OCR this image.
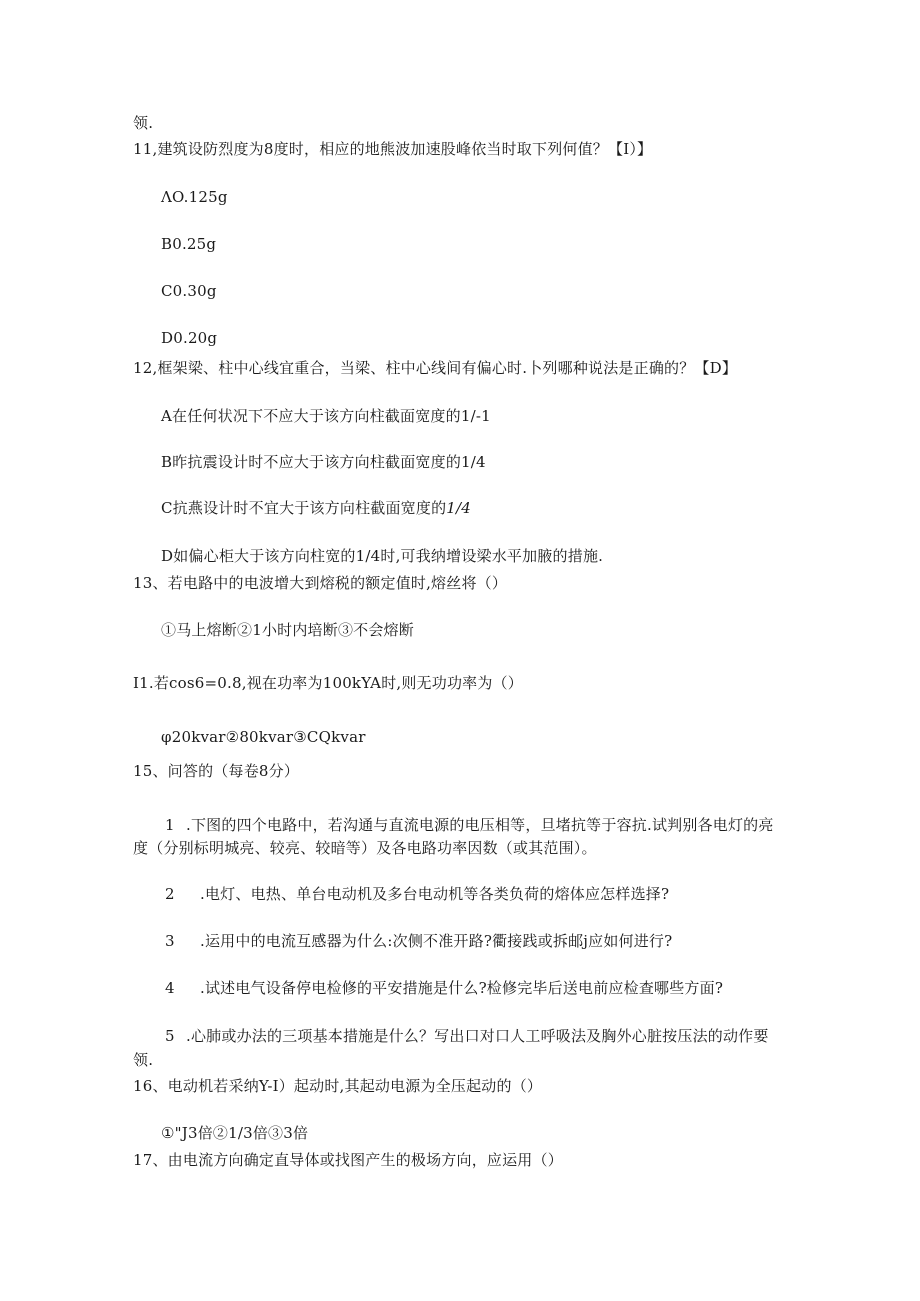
领.
11,建筑设防烈度为8度时，相应的地熊波加速股峰依当时取下列何值？【I）】
ΛO.125g
B0.25g
C0.30g
D0.20g
12,框架梁、柱中心线宜重合，当梁、柱中心线间有偏心时.卜列哪种说法是正确的？【D】
A在任何状况下不应大于该方向柱截面宽度的1/-1
B昨抗震设计时不应大于该方向柱截面宽度的1/4
C抗燕设计时不宜大于该方向柱截面宽度的1/4
D如偏心柜大于该方向柱宽的1/4时,可我纳增设梁水平加腋的措施.
13、若电路中的电波增大到熔税的额定值时,熔丝将（）
①马上熔断②1小时内培断③不会熔断
I1.若cos6=0.8,视在功率为100kYA时,则无功功率为（）
φ20kvar②80kvar③CQkvar
15、问答的（每卷8分）
1 .下图的四个电路中，若沟通与直流电源的电压相等，旦堵抗等于容抗.试判别各电灯的亮
度（分别标明城亮、较亮、较暗等）及各电路功率因数（或其范围）。
2 .电灯、电热、单台电动机及多台电动机等各类负荷的熔体应怎样选择?
3 .运用中的电流互感器为什么:次侧不准开路?衢接践或拆邮j应如何进行?
4 .试述电气设备停电检修的平安措施是什么?检修完毕后送电前应检查哪些方面?
5 .心肺或办法的三项基本措施是什么？写出口对口人工呼吸法及胸外心脏按压法的动作要
领.
16、电动机若采纳Y-I）起动时,其起动电源为全压起动的（）
①"J3倍②1/3倍③3倍
17、由电流方向确定直导体或找图产生的极场方向，应运用（）
